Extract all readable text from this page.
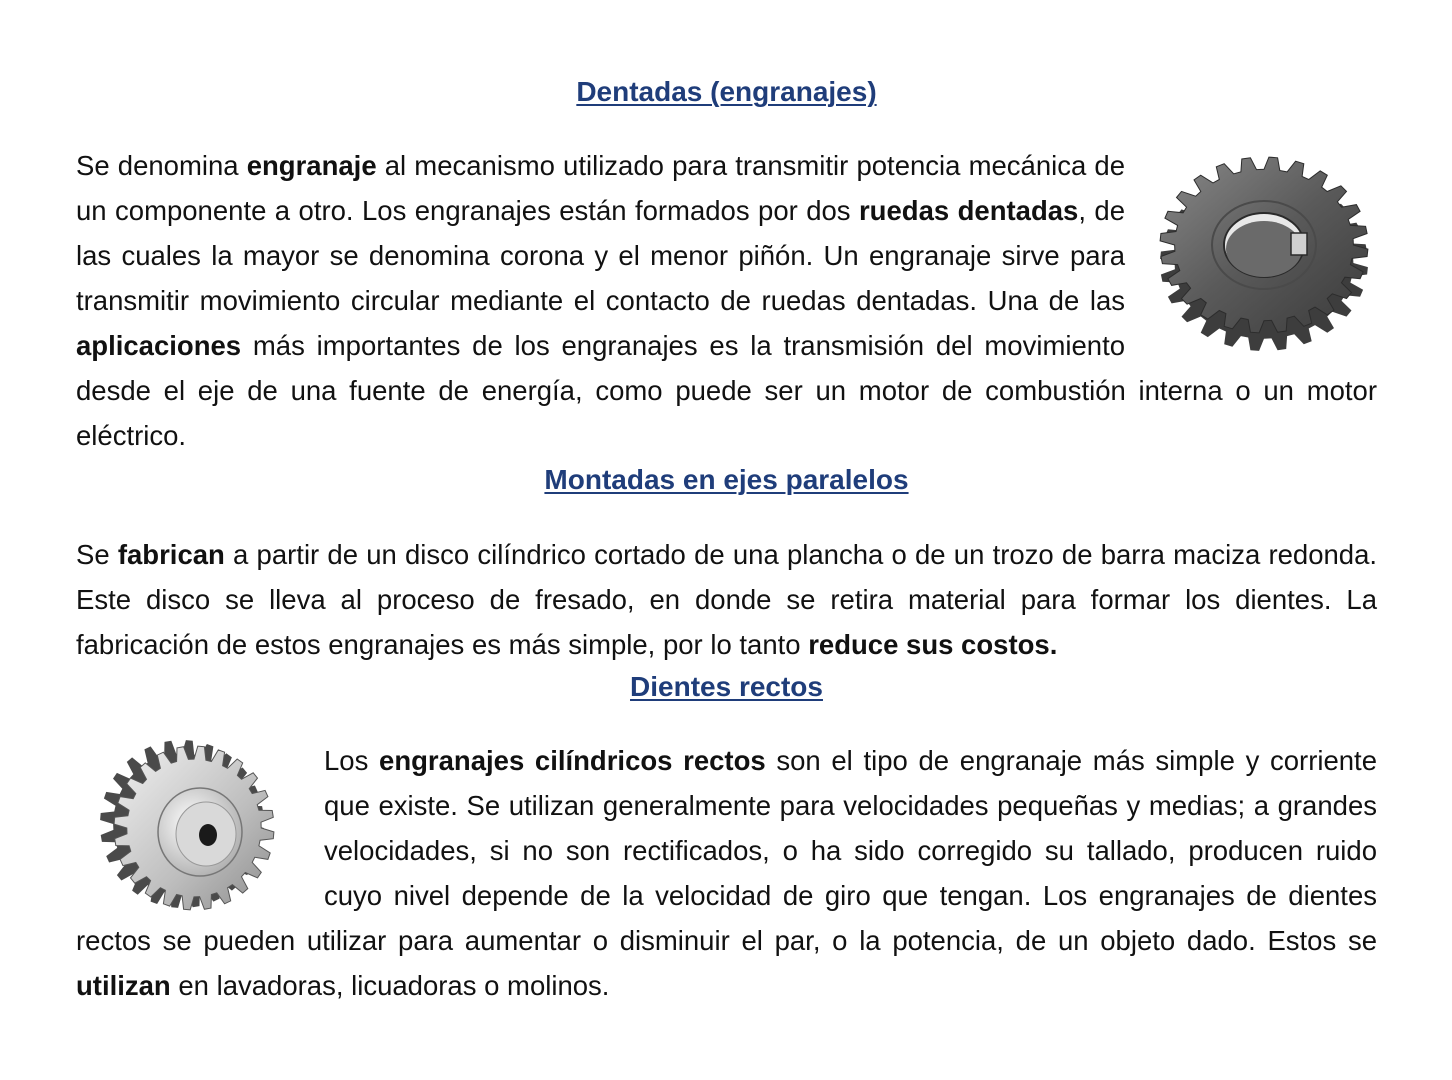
Dentadas (engranajes)

Se denomina engranaje al mecanismo utilizado para transmitir potencia mecánica de un componente a otro. Los engranajes están formados por dos ruedas dentadas, de las cuales la mayor se denomina corona y el menor piñón. Un engranaje sirve para transmitir movimiento circular mediante el contacto de ruedas dentadas. Una de las aplicaciones más importantes de los engranajes es la transmisión del movimiento desde el eje de una fuente de energía, como puede ser un motor de combustión interna o un motor eléctrico.

Montadas en ejes paralelos

Se fabrican a partir de un disco cilíndrico cortado de una plancha o de un trozo de barra maciza redonda. Este disco se lleva al proceso de fresado, en donde se retira material para formar los dientes. La fabricación de estos engranajes es más simple, por lo tanto reduce sus costos.

Dientes rectos

Los engranajes cilíndricos rectos son el tipo de engranaje más simple y corriente que existe. Se utilizan generalmente para velocidades pequeñas y medias; a grandes velocidades, si no son rectificados, o ha sido corregido su tallado, producen ruido cuyo nivel depende de la velocidad de giro que tengan. Los engranajes de dientes rectos se pueden utilizar para aumentar o disminuir el par, o la potencia, de un objeto dado. Estos se utilizan en lavadoras, licuadoras o molinos.
